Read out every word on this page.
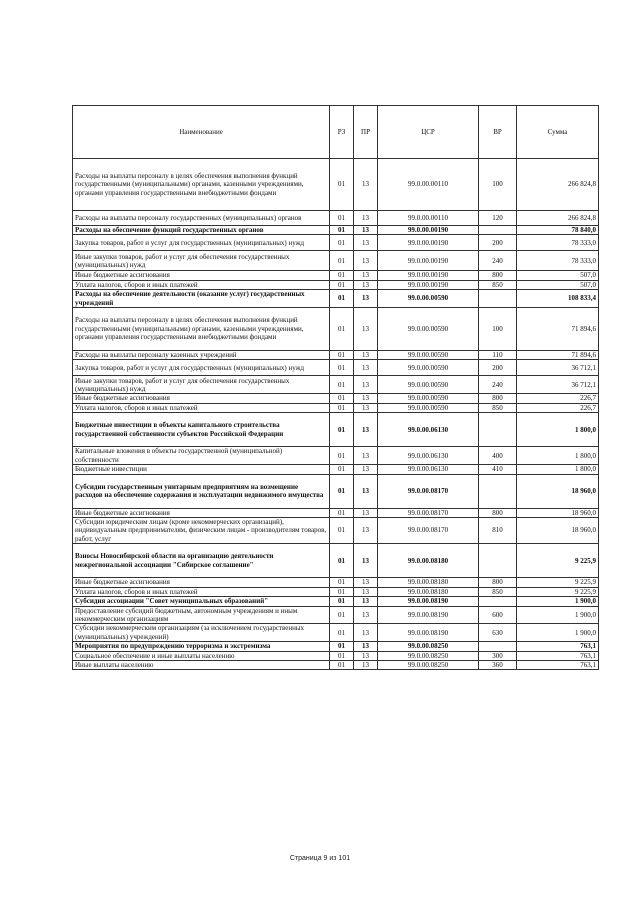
Наименование	РЗ	ПР	ЦСР	ВР	Сумма
Расходы на выплаты персоналу в целях обеспечения выполнения функций государственными (муниципальными) органами, казенными учреждениями, органами управления государственными внебюджетными фондами	01	13	99.0.00.00110	100	266 824,8
Расходы на выплаты персоналу государственных (муниципальных) органов	01	13	99.0.00.00110	120	266 824,8
Расходы на обеспечение функций государственных органов	01	13	99.0.00.00190		78 840,0
Закупка товаров, работ и услуг для государственных (муниципальных) нужд	01	13	99.0.00.00190	200	78 333,0
Иные закупки товаров, работ и услуг для обеспечения государственных (муниципальных) нужд	01	13	99.0.00.00190	240	78 333,0
Иные бюджетные ассигнования	01	13	99.0.00.00190	800	507,0
Уплата налогов, сборов и иных платежей	01	13	99.0.00.00190	850	507,0
Расходы на обеспечение деятельности (оказание услуг) государственных учреждений	01	13	99.0.00.00590		108 833,4
Расходы на выплаты персоналу в целях обеспечения выполнения функций государственными (муниципальными) органами, казенными учреждениями, органами управления государственными внебюджетными фондами	01	13	99.0.00.00590	100	71 894,6
Расходы на выплаты персоналу казенных учреждений	01	13	99.0.00.00590	110	71 894,6
Закупка товаров, работ и услуг для государственных (муниципальных) нужд	01	13	99.0.00.00590	200	36 712,1
Иные закупки товаров, работ и услуг для обеспечения государственных (муниципальных) нужд	01	13	99.0.00.00590	240	36 712,1
Иные бюджетные ассигнования	01	13	99.0.00.00590	800	226,7
Уплата налогов, сборов и иных платежей	01	13	99.0.00.00590	850	226,7
Бюджетные инвестиции в объекты капитального строительства государственной собственности субъектов Российской Федерации	01	13	99.0.00.06130		1 800,0
Капитальные вложения в объекты государственной (муниципальной) собственности	01	13	99.0.00.06130	400	1 800,0
Бюджетные инвестиции	01	13	99.0.00.06130	410	1 800,0
Субсидии государственным унитарным предприятиям на возмещение расходов на обеспечение содержания и эксплуатации недвижимого имущества	01	13	99.0.00.08170		18 960,0
Иные бюджетные ассигнования	01	13	99.0.00.08170	800	18 960,0
Субсидии юридическим лицам (кроме некоммерческих организаций), индивидуальным предпринимателям, физическим лицам - производителям товаров, работ, услуг	01	13	99.0.00.08170	810	18 960,0
Взносы Новосибирской области на организацию деятельности межрегиональной ассоциации "Сибирское соглашение"	01	13	99.0.00.08180		9 225,9
Иные бюджетные ассигнования	01	13	99.0.00.08180	800	9 225,9
Уплата налогов, сборов и иных платежей	01	13	99.0.00.08180	850	9 225,9
Субсидия ассоциации "Совет муниципальных образований"	01	13	99.0.00.08190		1 900,0
Предоставление субсидий бюджетным, автономным учреждениям и иным некоммерческим организациям	01	13	99.0.00.08190	600	1 900,0
Субсидии некоммерческим организациям (за исключением государственных (муниципальных) учреждений)	01	13	99.0.00.08190	630	1 900,0
Мероприятия по предупреждению терроризма и экстремизма	01	13	99.0.00.08250		763,1
Социальное обеспечение и иные выплаты населению	01	13	99.0.00.08250	300	763,1
Иные выплаты населению	01	13	99.0.00.08250	360	763,1
Страница 9 из 101
